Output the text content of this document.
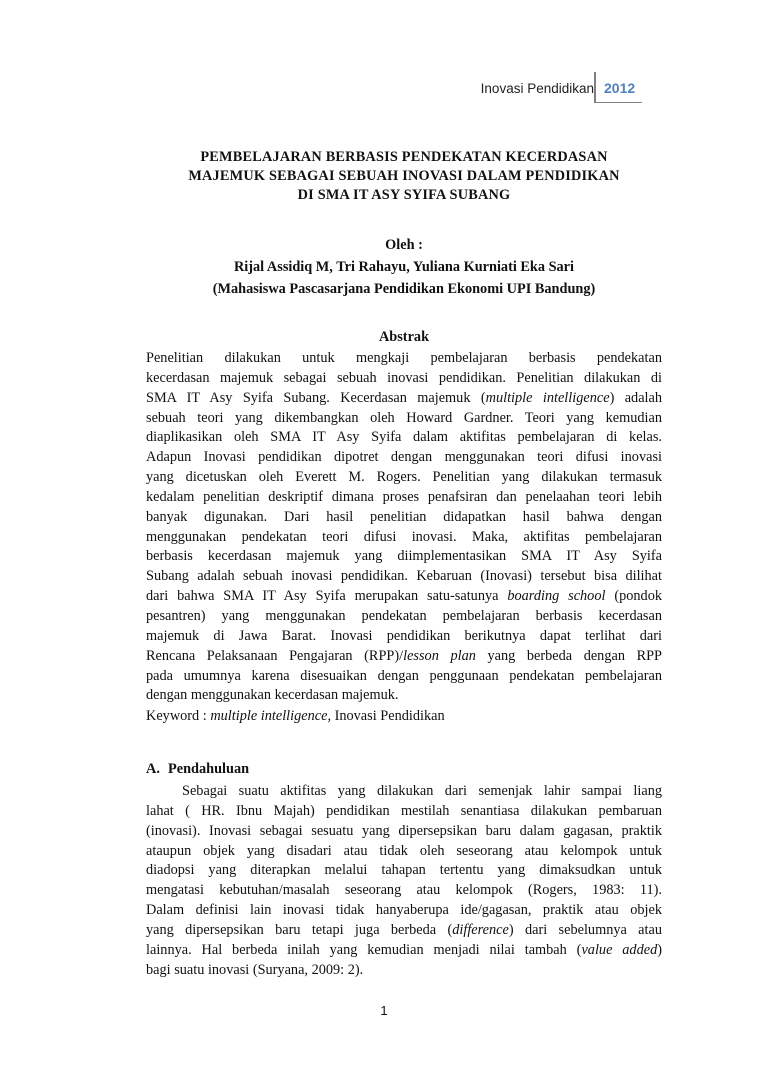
Inovasi Pendidikan 2012
PEMBELAJARAN BERBASIS PENDEKATAN KECERDASAN
MAJEMUK SEBAGAI SEBUAH INOVASI DALAM PENDIDIKAN
DI SMA IT ASY SYIFA SUBANG
Oleh :
Rijal Assidiq M, Tri Rahayu, Yuliana Kurniati Eka Sari
(Mahasiswa Pascasarjana Pendidikan Ekonomi UPI Bandung)
Abstrak
Penelitian dilakukan untuk mengkaji pembelajaran berbasis pendekatan
kecerdasan majemuk sebagai sebuah inovasi pendidikan. Penelitian dilakukan di
SMA IT Asy Syifa Subang. Kecerdasan majemuk (multiple intelligence) adalah
sebuah teori yang dikembangkan oleh Howard Gardner. Teori yang kemudian
diaplikasikan oleh SMA IT Asy Syifa dalam aktifitas pembelajaran di kelas.
Adapun Inovasi pendidikan dipotret dengan menggunakan teori difusi inovasi
yang dicetuskan oleh Everett M. Rogers. Penelitian yang dilakukan termasuk
kedalam penelitian deskriptif dimana proses penafsiran dan penelaahan teori lebih
banyak digunakan. Dari hasil penelitian didapatkan hasil bahwa dengan
menggunakan pendekatan teori difusi inovasi. Maka, aktifitas pembelajaran
berbasis kecerdasan majemuk yang diimplementasikan SMA IT Asy Syifa
Subang adalah sebuah inovasi pendidikan. Kebaruan (Inovasi) tersebut bisa dilihat
dari bahwa SMA IT Asy Syifa merupakan satu-satunya boarding school (pondok
pesantren) yang menggunakan pendekatan pembelajaran berbasis kecerdasan
majemuk di Jawa Barat. Inovasi pendidikan berikutnya dapat terlihat dari
Rencana Pelaksanaan Pengajaran (RPP)/lesson plan yang berbeda dengan RPP
pada umumnya karena disesuaikan dengan penggunaan pendekatan pembelajaran
dengan menggunakan kecerdasan majemuk.
Keyword : multiple intelligence, Inovasi Pendidikan
A. Pendahuluan
Sebagai suatu aktifitas yang dilakukan dari semenjak lahir sampai liang
lahat ( HR. Ibnu Majah) pendidikan mestilah senantiasa dilakukan pembaruan
(inovasi). Inovasi sebagai sesuatu yang dipersepsikan baru dalam gagasan, praktik
ataupun objek yang disadari atau tidak oleh seseorang atau kelompok untuk
diadopsi yang diterapkan melalui tahapan tertentu yang dimaksudkan untuk
mengatasi kebutuhan/masalah seseorang atau kelompok (Rogers, 1983: 11).
Dalam definisi lain inovasi tidak hanyaberupa ide/gagasan, praktik atau objek
yang dipersepsikan baru tetapi juga berbeda (difference) dari sebelumnya atau
lainnya. Hal berbeda inilah yang kemudian menjadi nilai tambah (value added)
bagi suatu inovasi (Suryana, 2009: 2).
1
